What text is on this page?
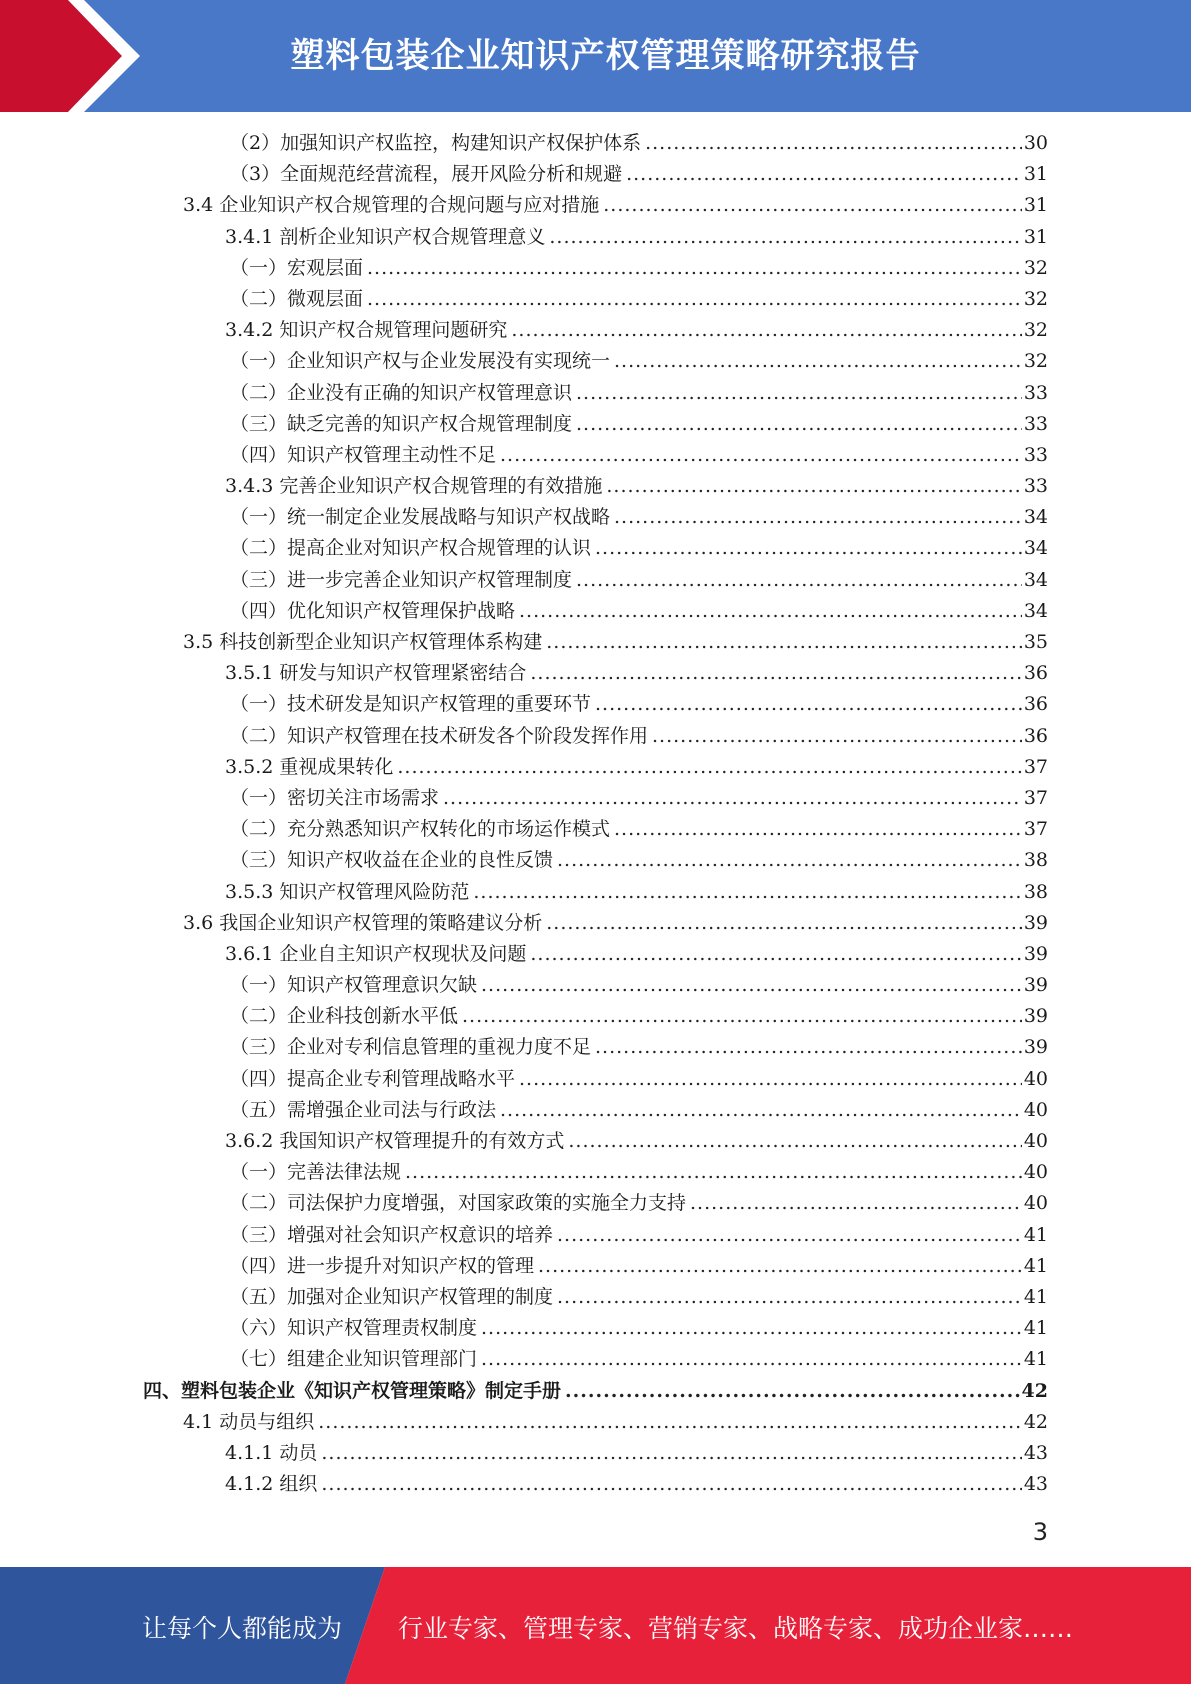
塑料包装企业知识产权管理策略研究报告
（2）加强知识产权监控，构建知识产权保护体系 .....	30
（3）全面规范经营流程，展开风险分析和规避 .....	31
3.4 企业知识产权合规管理的合规问题与应对措施 .....	31
3.4.1 剖析企业知识产权合规管理意义 .....	31
（一）宏观层面 .....	32
（二）微观层面 .....	32
3.4.2 知识产权合规管理问题研究 .....	32
（一）企业知识产权与企业发展没有实现统一 .....	32
（二）企业没有正确的知识产权管理意识 .....	33
（三）缺乏完善的知识产权合规管理制度 .....	33
（四）知识产权管理主动性不足 .....	33
3.4.3 完善企业知识产权合规管理的有效措施 .....	33
（一）统一制定企业发展战略与知识产权战略 .....	34
（二）提高企业对知识产权合规管理的认识 .....	34
（三）进一步完善企业知识产权管理制度 .....	34
（四）优化知识产权管理保护战略 .....	34
3.5 科技创新型企业知识产权管理体系构建 .....	35
3.5.1 研发与知识产权管理紧密结合 .....	36
（一）技术研发是知识产权管理的重要环节 .....	36
（二）知识产权管理在技术研发各个阶段发挥作用 .....	36
3.5.2 重视成果转化 .....	37
（一）密切关注市场需求 .....	37
（二）充分熟悉知识产权转化的市场运作模式 .....	37
（三）知识产权收益在企业的良性反馈 .....	38
3.5.3 知识产权管理风险防范 .....	38
3.6 我国企业知识产权管理的策略建议分析 .....	39
3.6.1 企业自主知识产权现状及问题 .....	39
（一）知识产权管理意识欠缺 .....	39
（二）企业科技创新水平低 .....	39
（三）企业对专利信息管理的重视力度不足 .....	39
（四）提高企业专利管理战略水平 .....	40
（五）需增强企业司法与行政法 .....	40
3.6.2 我国知识产权管理提升的有效方式 .....	40
（一）完善法律法规 .....	40
（二）司法保护力度增强，对国家政策的实施全力支持 .....	40
（三）增强对社会知识产权意识的培养 .....	41
（四）进一步提升对知识产权的管理 .....	41
（五）加强对企业知识产权管理的制度 .....	41
（六）知识产权管理责权制度 .....	41
（七）组建企业知识管理部门 .....	41
四、塑料包装企业《知识产权管理策略》制定手册 .....	42
4.1 动员与组织 .....	42
4.1.1 动员 .....	43
4.1.2 组织 .....	43
3
让每个人都能成为 行业专家、管理专家、营销专家、战略专家、成功企业家……
